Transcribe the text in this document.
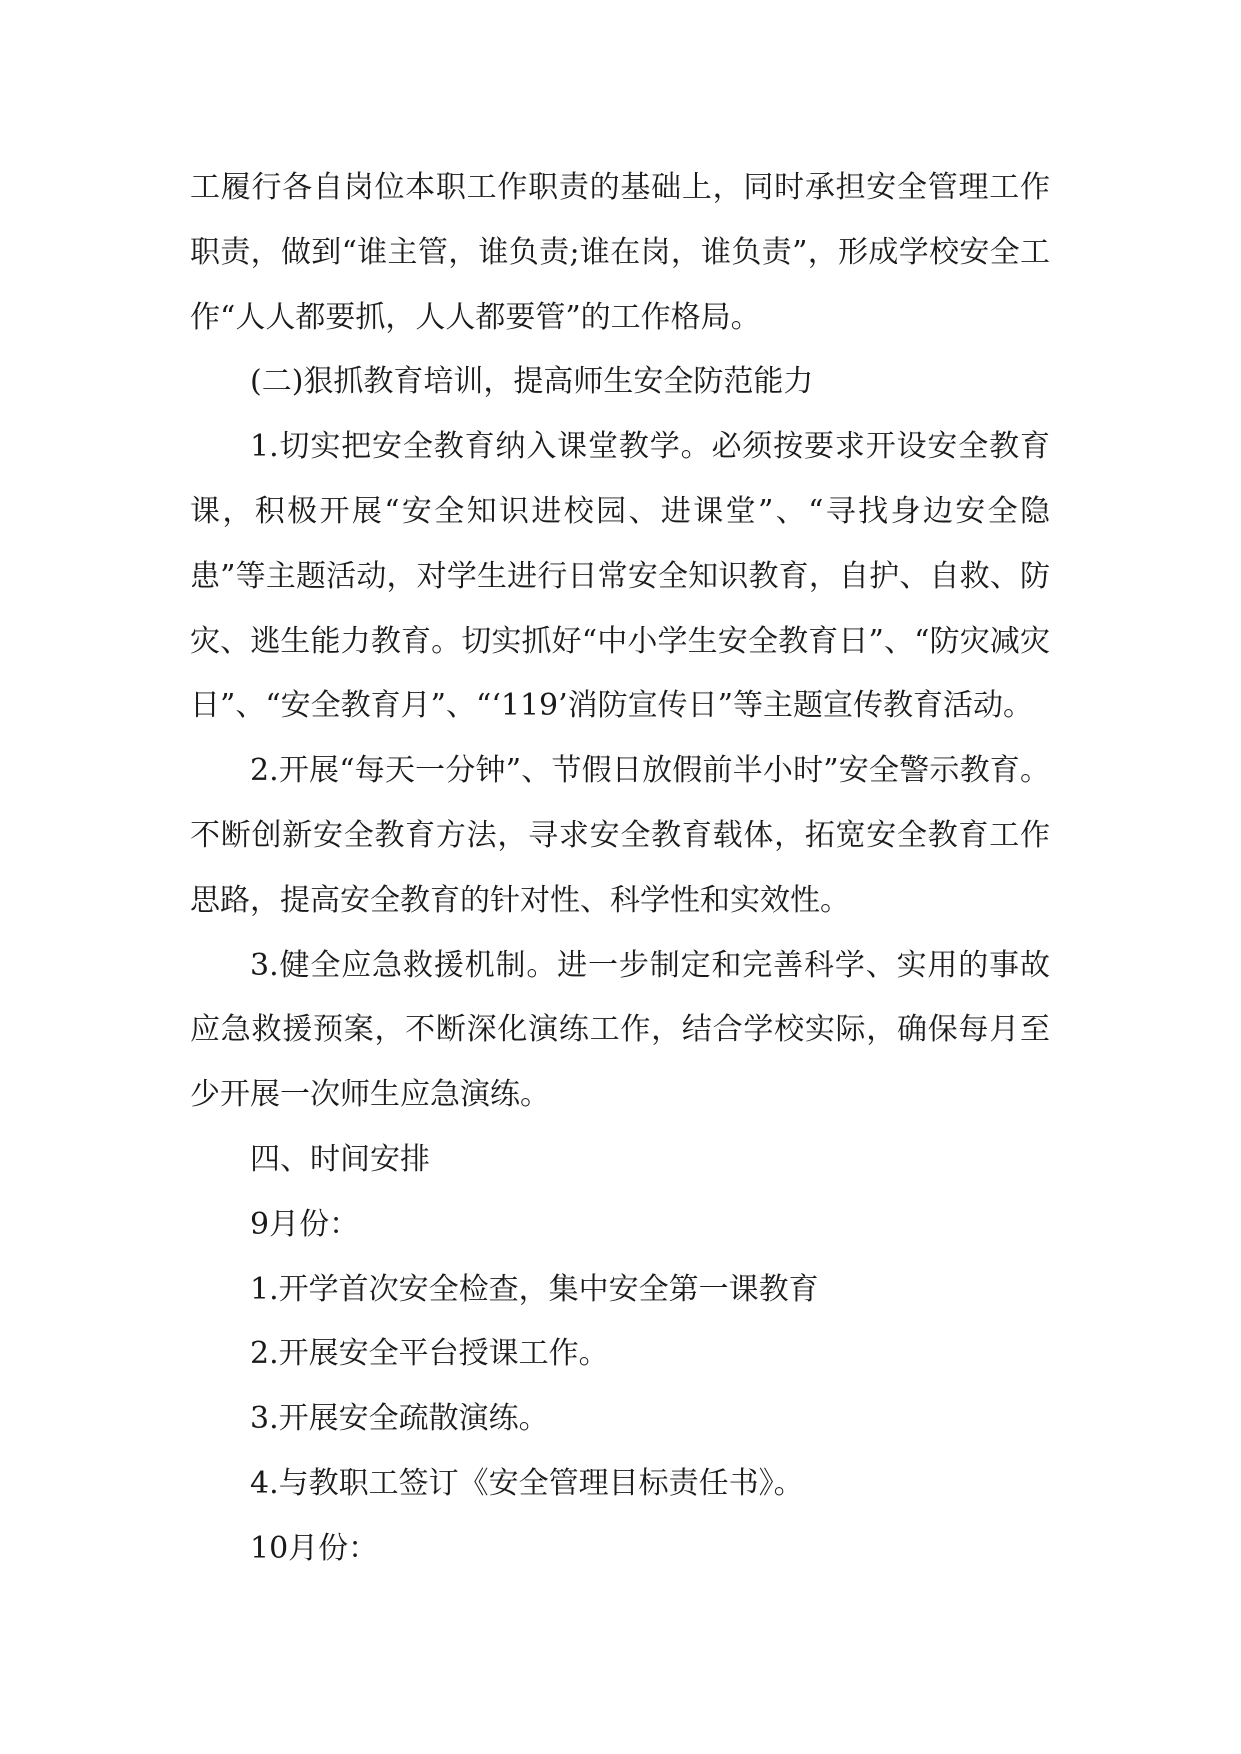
工履行各自岗位本职工作职责的基础上，同时承担安全管理工作职责，做到“谁主管，谁负责;谁在岗，谁负责”，形成学校安全工作“人人都要抓，人人都要管”的工作格局。

(二)狠抓教育培训，提高师生安全防范能力

1.切实把安全教育纳入课堂教学。必须按要求开设安全教育课，积极开展“安全知识进校园、进课堂”、“寻找身边安全隐患”等主题活动，对学生进行日常安全知识教育，自护、自救、防灾、逃生能力教育。切实抓好“中小学生安全教育日”、“防灾减灾日”、“安全教育月”、“‘119’消防宣传日”等主题宣传教育活动。

2.开展“每天一分钟”、节假日放假前半小时”安全警示教育。不断创新安全教育方法，寻求安全教育载体，拓宽安全教育工作思路，提高安全教育的针对性、科学性和实效性。

3.健全应急救援机制。进一步制定和完善科学、实用的事故应急救援预案，不断深化演练工作，结合学校实际，确保每月至少开展一次师生应急演练。

四、时间安排

9月份：

1.开学首次安全检查，集中安全第一课教育

2.开展安全平台授课工作。

3.开展安全疏散演练。

4.与教职工签订《安全管理目标责任书》。

10月份：
